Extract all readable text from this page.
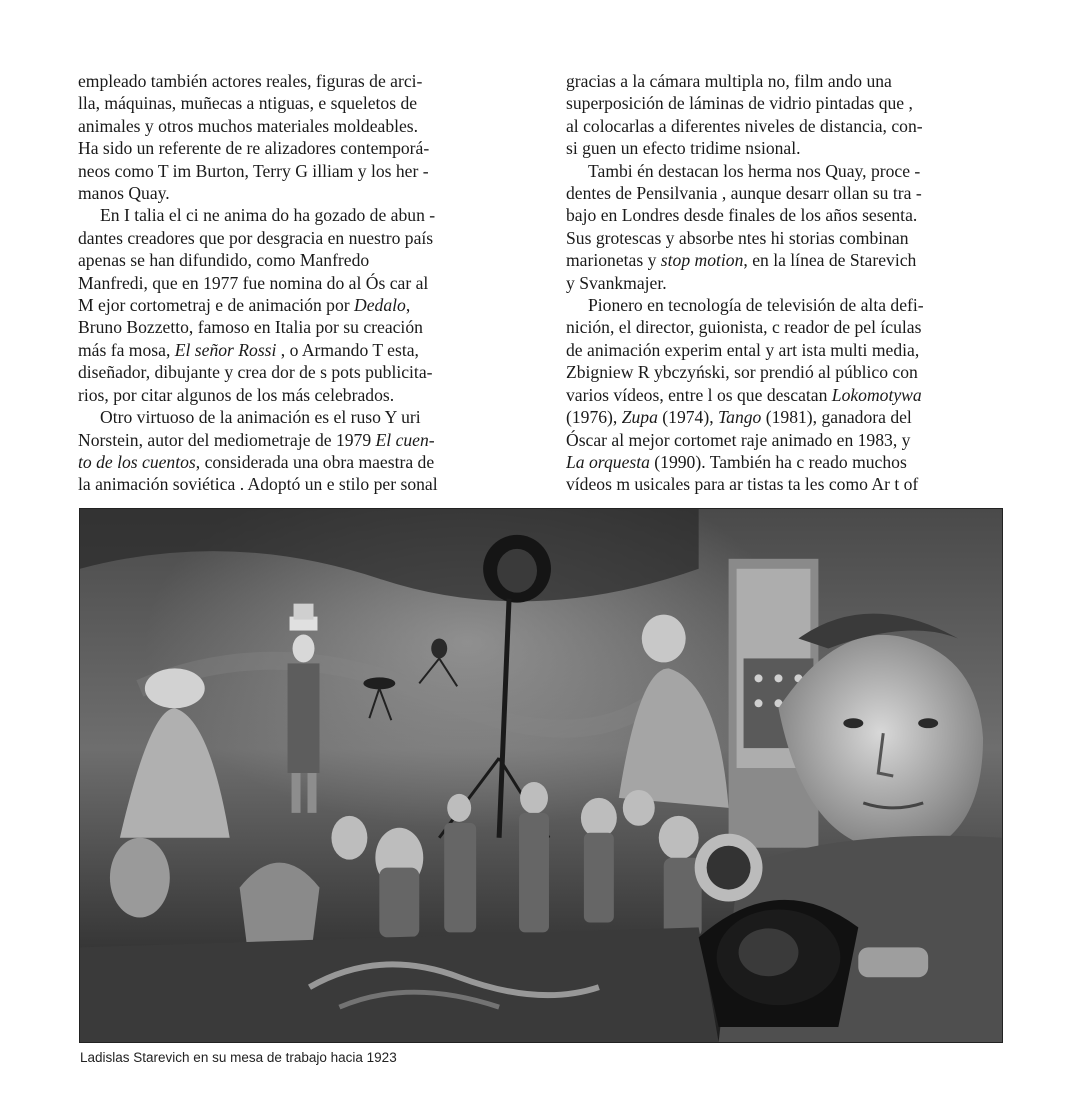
empleado también actores reales, figuras de arci-
lla, máquinas, muñecas a ntiguas, e squeletos de
animales y otros muchos materiales moldeables.
Ha sido un referente de re alizadores contemporá-
neos como T im Burton, Terry G illiam y los her -
manos Quay.
En I talia el ci ne anima do ha gozado de abun -
dantes creadores que por desgracia en nuestro país
apenas se han difundido, como Manfredo
Manfredi, que en 1977 fue nomina do al Ós car al
M ejor cortometraj e de animación por Dedalo,
Bruno Bozzetto, famoso en Italia por su creación
más fa mosa, El señor Rossi , o Armando T esta,
diseñador, dibujante y crea dor de s pots publicita-
rios, por citar algunos de los más celebrados.
Otro virtuoso de la animación es el ruso Y uri
Norstein, autor del mediometraje de 1979 El cuen-
to de los cuentos, considerada una obra maestra de
la animación soviética . Adoptó un e stilo per sonal
gracias a la cámara multipla no, film ando una
superposición de láminas de vidrio pintadas que ,
al colocarlas a diferentes niveles de distancia, con-
si guen un efecto tridime nsional.
Tambi én destacan los herma nos Quay, proce -
dentes de Pensilvania , aunque desarr ollan su tra -
bajo en Londres desde finales de los años sesenta.
Sus grotescas y absorbe ntes hi storias combinan
marionetas y stop motion, en la línea de Starevich
y Svankmajer.
Pionero en tecnología de televisión de alta defi-
nición, el director, guionista, c reador de pel ículas
de animación experim ental y art ista multi media,
Zbigniew R ybczyński, sor prendió al público con
varios vídeos, entre l os que descatan Lokomotywa
(1976), Zupa (1974), Tango (1981), ganadora del
Óscar al mejor cortomet raje animado en 1983, y
La orquesta (1990). También ha c reado muchos
vídeos m usicales para ar tistas ta les como Ar t of
Ladislas Starevich en su mesa de trabajo hacia 1923
